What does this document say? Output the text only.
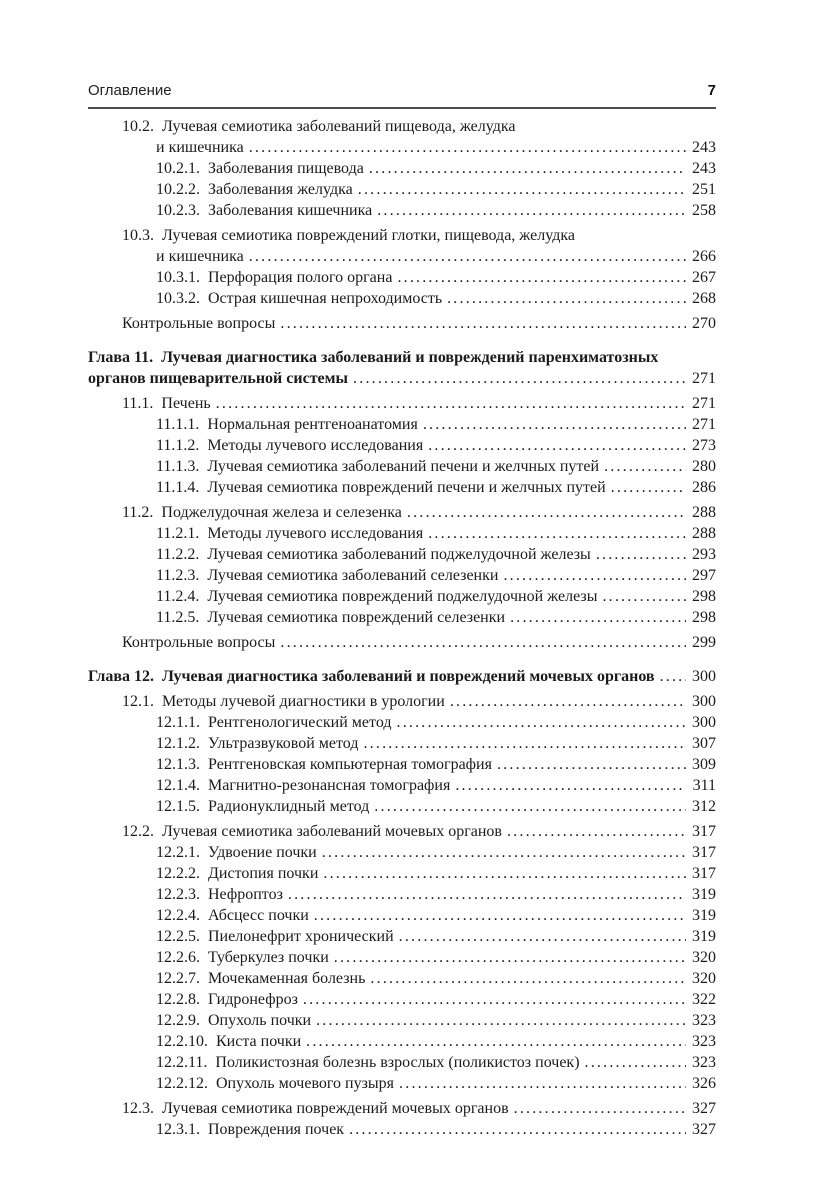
Оглавление	7
10.2. Лучевая семиотика заболеваний пищевода, желудка
и кишечника .....	243
10.2.1. Заболевания пищевода .....	243
10.2.2. Заболевания желудка .....	251
10.2.3. Заболевания кишечника .....	258
10.3. Лучевая семиотика повреждений глотки, пищевода, желудка
и кишечника .....	266
10.3.1. Перфорация полого органа .....	267
10.3.2. Острая кишечная непроходимость .....	268
Контрольные вопросы .....	270
Глава 11. Лучевая диагностика заболеваний и повреждений паренхиматозных
органов пищеварительной системы .....	271
11.1. Печень .....	271
11.1.1. Нормальная рентгеноанатомия .....	271
11.1.2. Методы лучевого исследования .....	273
11.1.3. Лучевая семиотика заболеваний печени и желчных путей .....	280
11.1.4. Лучевая семиотика повреждений печени и желчных путей .....	286
11.2. Поджелудочная железа и селезенка .....	288
11.2.1. Методы лучевого исследования .....	288
11.2.2. Лучевая семиотика заболеваний поджелудочной железы .....	293
11.2.3. Лучевая семиотика заболеваний селезенки .....	297
11.2.4. Лучевая семиотика повреждений поджелудочной железы .....	298
11.2.5. Лучевая семиотика повреждений селезенки .....	298
Контрольные вопросы .....	299
Глава 12. Лучевая диагностика заболеваний и повреждений мочевых органов ..... 300
12.1. Методы лучевой диагностики в урологии .....	300
12.1.1. Рентгенологический метод .....	300
12.1.2. Ультразвуковой метод .....	307
12.1.3. Рентгеновская компьютерная томография .....	309
12.1.4. Магнитно-резонансная томография .....	311
12.1.5. Радионуклидный метод .....	312
12.2. Лучевая семиотика заболеваний мочевых органов .....	317
12.2.1. Удвоение почки .....	317
12.2.2. Дистопия почки .....	317
12.2.3. Нефроптоз .....	319
12.2.4. Абсцесс почки .....	319
12.2.5. Пиелонефрит хронический .....	319
12.2.6. Туберкулез почки .....	320
12.2.7. Мочекаменная болезнь .....	320
12.2.8. Гидронефроз .....	322
12.2.9. Опухоль почки .....	323
12.2.10. Киста почки .....	323
12.2.11. Поликистозная болезнь взрослых (поликистоз почек) .....	323
12.2.12. Опухоль мочевого пузыря .....	326
12.3. Лучевая семиотика повреждений мочевых органов .....	327
12.3.1. Повреждения почек .....	327
